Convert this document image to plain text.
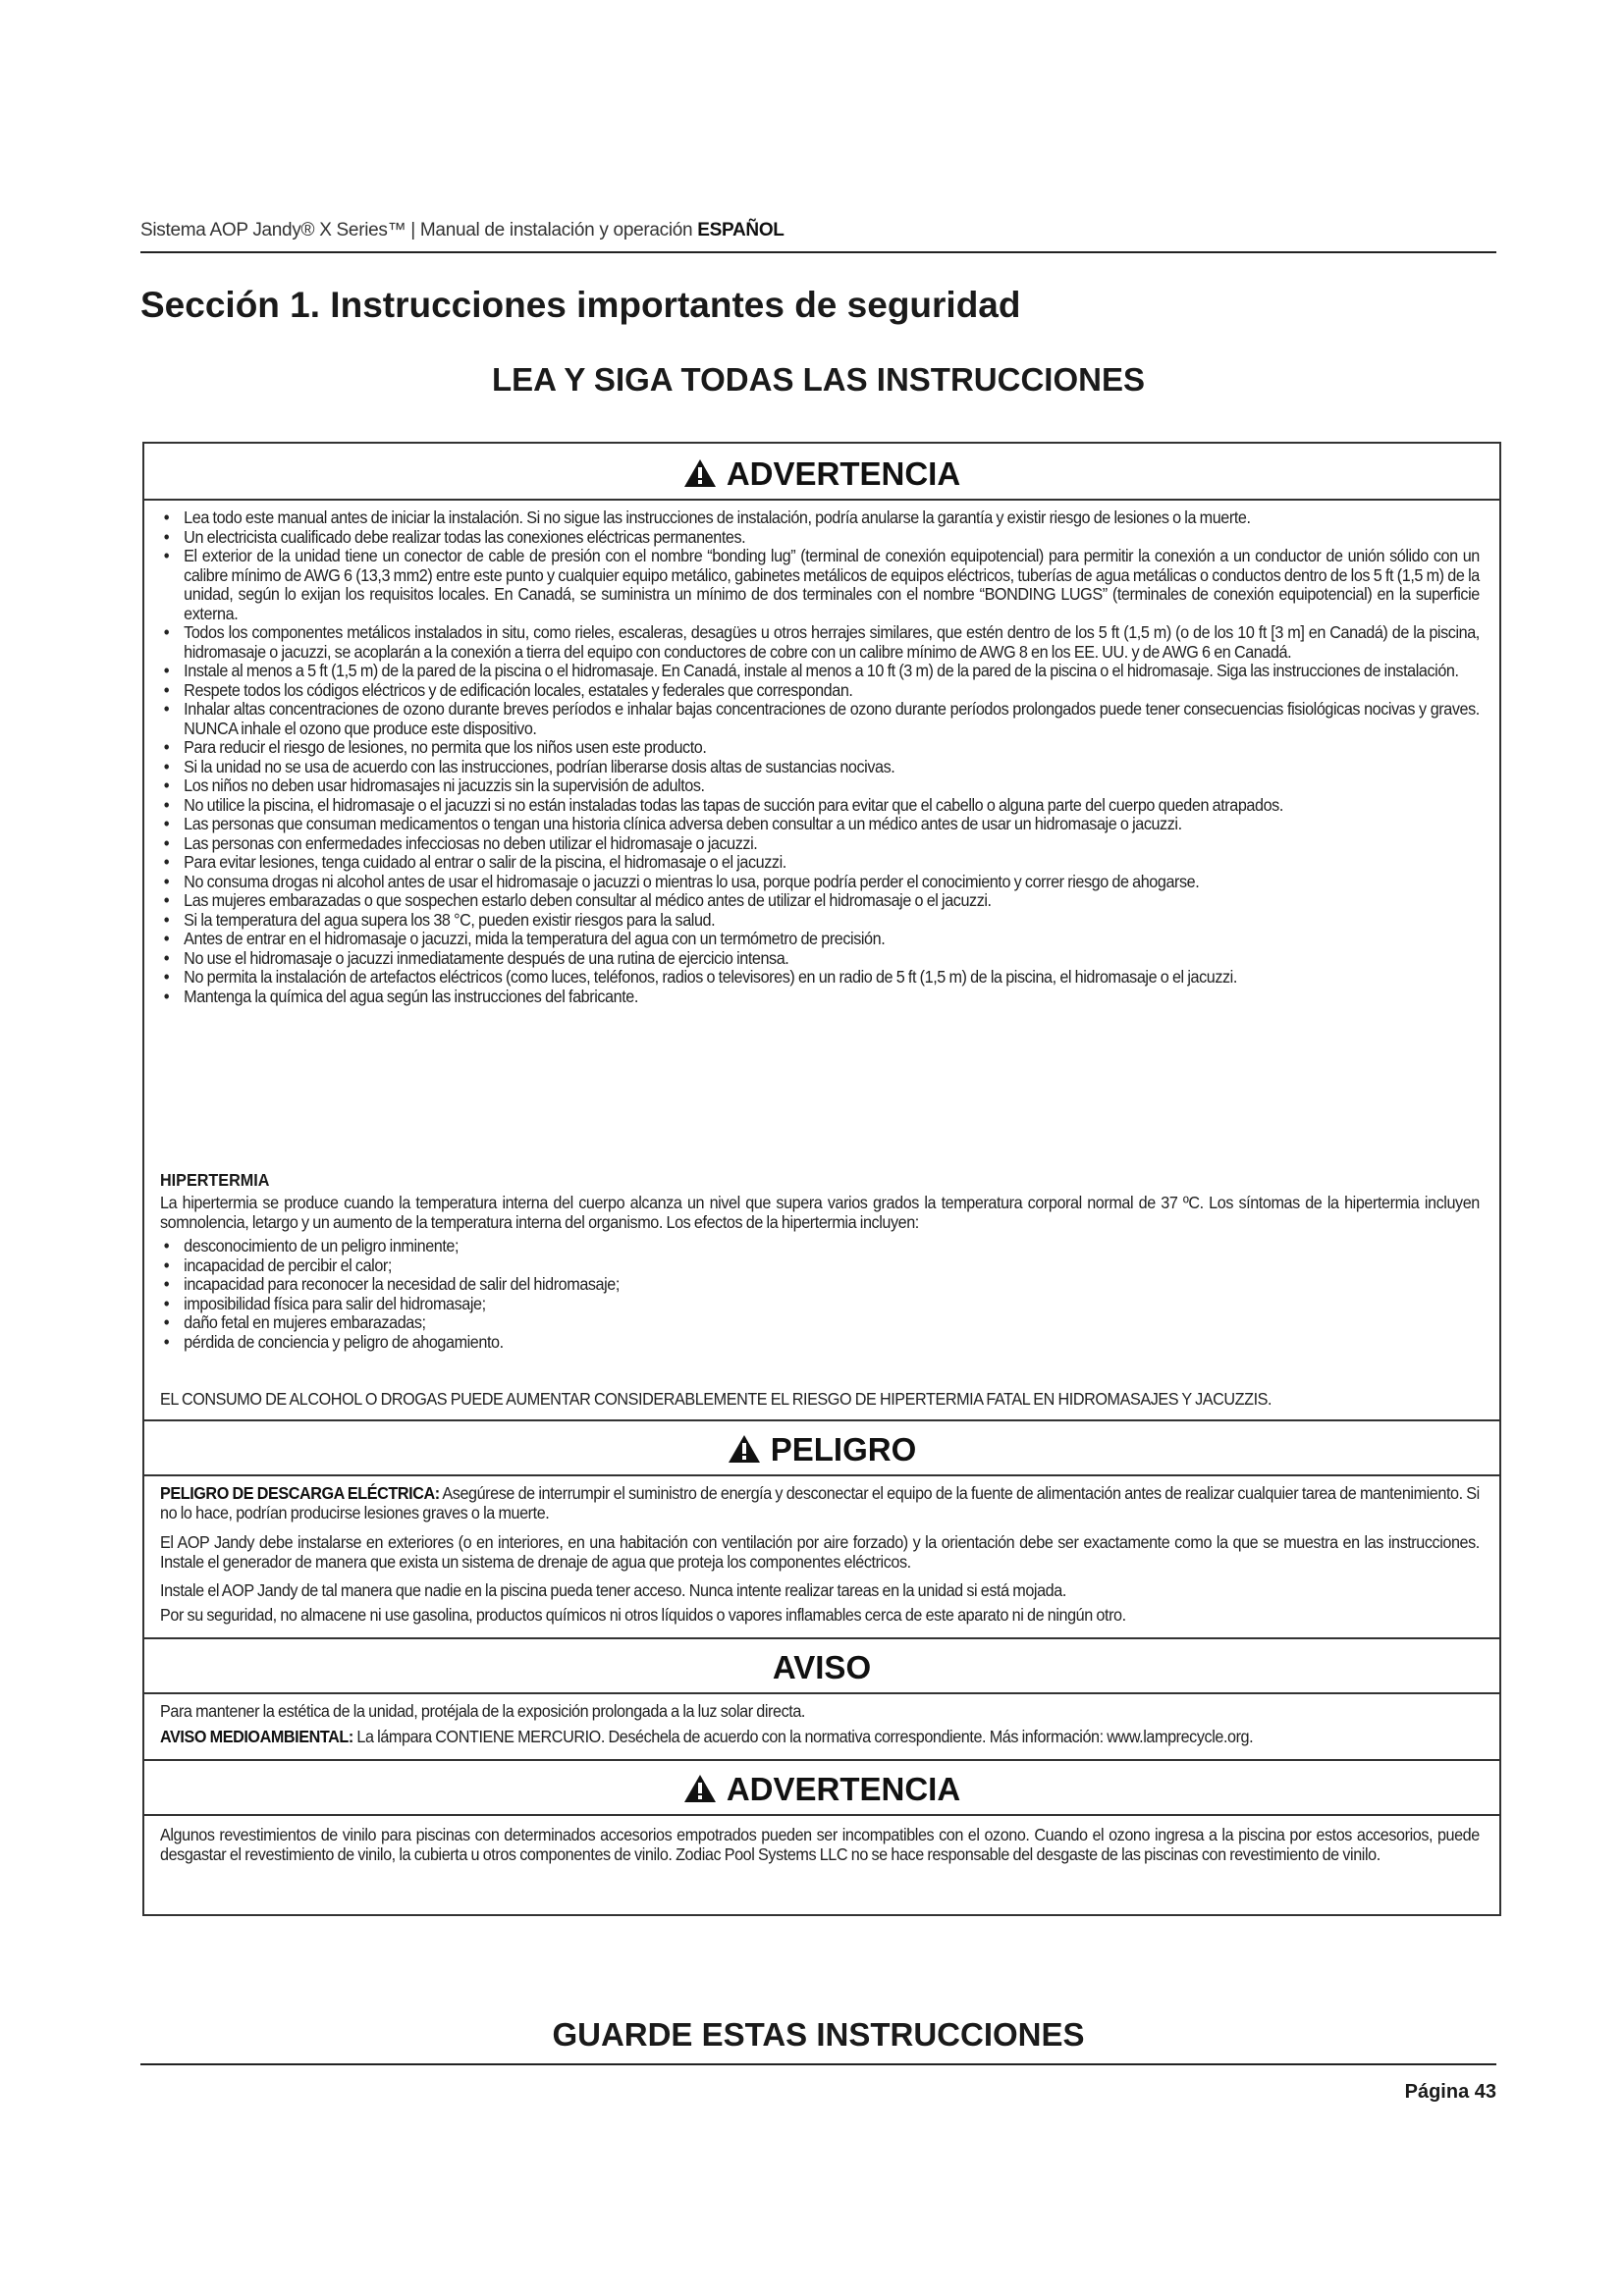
Sistema AOP Jandy® X Series™ | Manual de instalación y operación ESPAÑOL
Sección 1. Instrucciones importantes de seguridad
LEA Y SIGA TODAS LAS INSTRUCCIONES
ADVERTENCIA
• Lea todo este manual antes de iniciar la instalación. Si no sigue las instrucciones de instalación, podría anularse la garantía y existir riesgo de lesiones o la muerte.
• Un electricista cualificado debe realizar todas las conexiones eléctricas permanentes.
• El exterior de la unidad tiene un conector de cable de presión con el nombre “bonding lug” (terminal de conexión equipotencial) para permitir la conexión a un conductor de unión sólido con un calibre mínimo de AWG 6 (13,3 mm2) entre este punto y cualquier equipo metálico, gabinetes metálicos de equipos eléctricos, tuberías de agua metálicas o conductos dentro de los 5 ft (1,5 m) de la unidad, según lo exijan los requisitos locales. En Canadá, se suministra un mínimo de dos terminales con el nombre “BONDING LUGS” (terminales de conexión equipotencial) en la superficie externa.
• Todos los componentes metálicos instalados in situ, como rieles, escaleras, desagües u otros herrajes similares, que estén dentro de los 5 ft (1,5 m) (o de los 10 ft [3 m] en Canadá) de la piscina, hidromasaje o jacuzzi, se acoplarán a la conexión a tierra del equipo con conductores de cobre con un calibre mínimo de AWG 8 en los EE. UU. y de AWG 6 en Canadá.
• Instale al menos a 5 ft (1,5 m) de la pared de la piscina o el hidromasaje. En Canadá, instale al menos a 10 ft (3 m) de la pared de la piscina o el hidromasaje. Siga las instrucciones de instalación.
• Respete todos los códigos eléctricos y de edificación locales, estatales y federales que correspondan.
• Inhalar altas concentraciones de ozono durante breves períodos e inhalar bajas concentraciones de ozono durante períodos prolongados puede tener consecuencias fisiológicas nocivas y graves. NUNCA inhale el ozono que produce este dispositivo.
• Para reducir el riesgo de lesiones, no permita que los niños usen este producto.
• Si la unidad no se usa de acuerdo con las instrucciones, podrían liberarse dosis altas de sustancias nocivas.
• Los niños no deben usar hidromasajes ni jacuzzis sin la supervisión de adultos.
• No utilice la piscina, el hidromasaje o el jacuzzi si no están instaladas todas las tapas de succión para evitar que el cabello o alguna parte del cuerpo queden atrapados.
• Las personas que consuman medicamentos o tengan una historia clínica adversa deben consultar a un médico antes de usar un hidromasaje o jacuzzi.
• Las personas con enfermedades infecciosas no deben utilizar el hidromasaje o jacuzzi.
• Para evitar lesiones, tenga cuidado al entrar o salir de la piscina, el hidromasaje o el jacuzzi.
• No consuma drogas ni alcohol antes de usar el hidromasaje o jacuzzi o mientras lo usa, porque podría perder el conocimiento y correr riesgo de ahogarse.
• Las mujeres embarazadas o que sospechen estarlo deben consultar al médico antes de utilizar el hidromasaje o el jacuzzi.
• Si la temperatura del agua supera los 38 °C, pueden existir riesgos para la salud.
• Antes de entrar en el hidromasaje o jacuzzi, mida la temperatura del agua con un termómetro de precisión.
• No use el hidromasaje o jacuzzi inmediatamente después de una rutina de ejercicio intensa.
• No permita la instalación de artefactos eléctricos (como luces, teléfonos, radios o televisores) en un radio de 5 ft (1,5 m) de la piscina, el hidromasaje o el jacuzzi.
• Mantenga la química del agua según las instrucciones del fabricante.
HIPERTERMIA
La hipertermia se produce cuando la temperatura interna del cuerpo alcanza un nivel que supera varios grados la temperatura corporal normal de 37 ºC. Los síntomas de la hipertermia incluyen somnolencia, letargo y un aumento de la temperatura interna del organismo. Los efectos de la hipertermia incluyen:
• desconocimiento de un peligro inminente;
• incapacidad de percibir el calor;
• incapacidad para reconocer la necesidad de salir del hidromasaje;
• imposibilidad física para salir del hidromasaje;
• daño fetal en mujeres embarazadas;
• pérdida de conciencia y peligro de ahogamiento.
EL CONSUMO DE ALCOHOL O DROGAS PUEDE AUMENTAR CONSIDERABLEMENTE EL RIESGO DE HIPERTERMIA FATAL EN HIDROMASAJES Y JACUZZIS.
PELIGRO
PELIGRO DE DESCARGA ELÉCTRICA: Asegúrese de interrumpir el suministro de energía y desconectar el equipo de la fuente de alimentación antes de realizar cualquier tarea de mantenimiento. Si no lo hace, podrían producirse lesiones graves o la muerte.
El AOP Jandy debe instalarse en exteriores (o en interiores, en una habitación con ventilación por aire forzado) y la orientación debe ser exactamente como la que se muestra en las instrucciones. Instale el generador de manera que exista un sistema de drenaje de agua que proteja los componentes eléctricos.
Instale el AOP Jandy de tal manera que nadie en la piscina pueda tener acceso. Nunca intente realizar tareas en la unidad si está mojada.
Por su seguridad, no almacene ni use gasolina, productos químicos ni otros líquidos o vapores inflamables cerca de este aparato ni de ningún otro.
AVISO
Para mantener la estética de la unidad, protéjala de la exposición prolongada a la luz solar directa.
AVISO MEDIOAMBIENTAL: La lámpara CONTIENE MERCURIO. Deséchela de acuerdo con la normativa correspondiente. Más información: www.lamprecycle.org.
ADVERTENCIA
Algunos revestimientos de vinilo para piscinas con determinados accesorios empotrados pueden ser incompatibles con el ozono. Cuando el ozono ingresa a la piscina por estos accesorios, puede desgastar el revestimiento de vinilo, la cubierta u otros componentes de vinilo. Zodiac Pool Systems LLC no se hace responsable del desgaste de las piscinas con revestimiento de vinilo.
GUARDE ESTAS INSTRUCCIONES
Página 43
